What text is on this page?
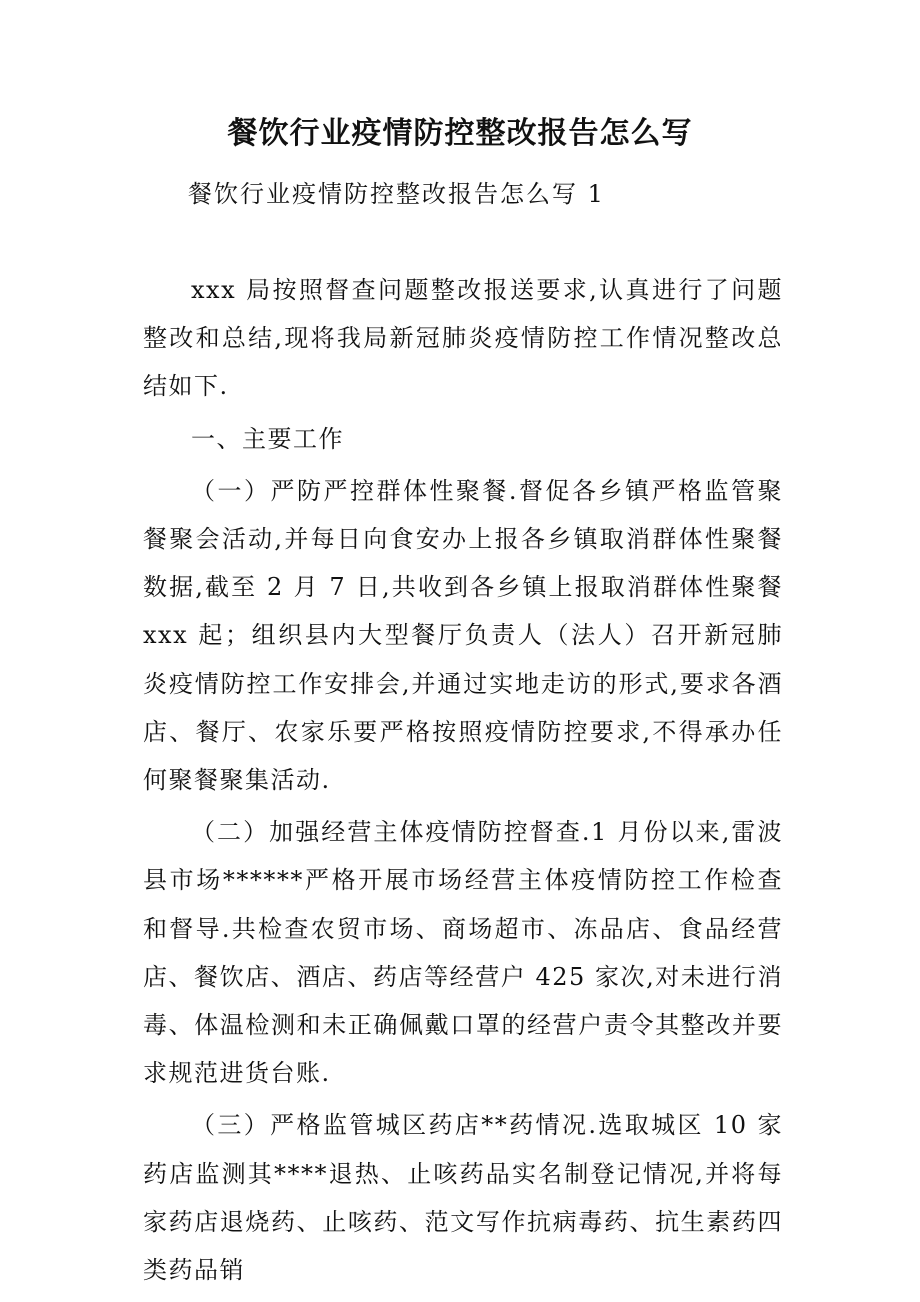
餐饮行业疫情防控整改报告怎么写
餐饮行业疫情防控整改报告怎么写 1

xxx 局按照督查问题整改报送要求,认真进行了问题整改和总结,现将我局新冠肺炎疫情防控工作情况整改总结如下.

一、主要工作

（一）严防严控群体性聚餐.督促各乡镇严格监管聚餐聚会活动,并每日向食安办上报各乡镇取消群体性聚餐数据,截至 2 月 7 日,共收到各乡镇上报取消群体性聚餐 xxx 起；组织县内大型餐厅负责人（法人）召开新冠肺炎疫情防控工作安排会,并通过实地走访的形式,要求各酒店、餐厅、农家乐要严格按照疫情防控要求,不得承办任何聚餐聚集活动.

（二）加强经营主体疫情防控督查.1 月份以来,雷波县市场******严格开展市场经营主体疫情防控工作检查和督导.共检查农贸市场、商场超市、冻品店、食品经营店、餐饮店、酒店、药店等经营户 425 家次,对未进行消毒、体温检测和未正确佩戴口罩的经营户责令其整改并要求规范进货台账.

（三）严格监管城区药店**药情况.选取城区 10 家药店监测其****退热、止咳药品实名制登记情况,并将每家药店退烧药、止咳药、范文写作抗病毒药、抗生素药四类药品销
